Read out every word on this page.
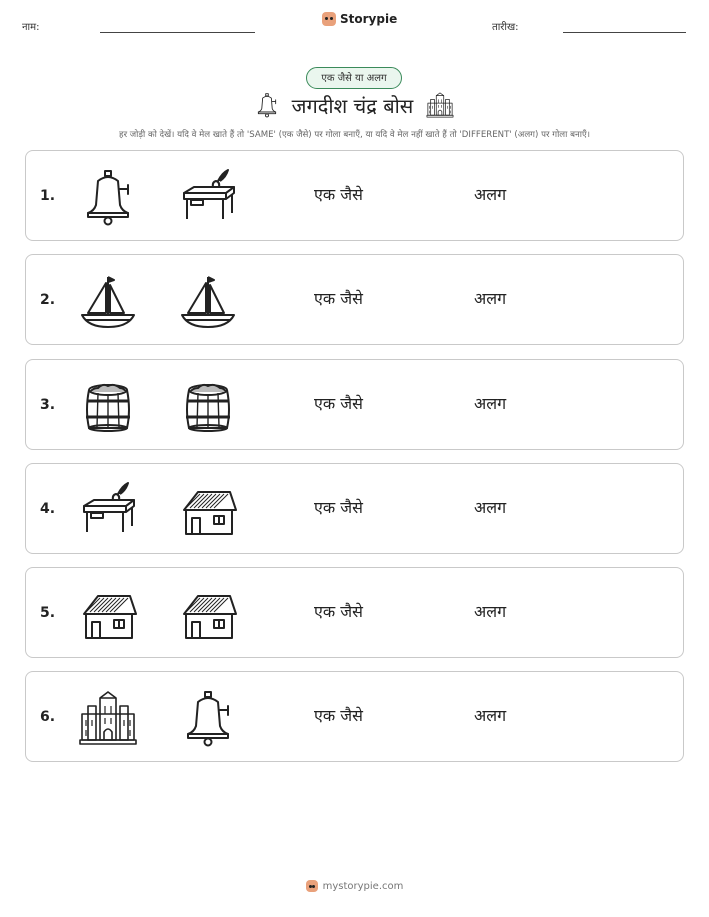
नाम:
Storypie
तारीख:
एक जैसे या अलग
जगदीश चंद्र बोस
हर जोड़ी को देखें। यदि वे मेल खाते हैं तो 'SAME' (एक जैसे) पर गोला बनाएँ, या यदि वे मेल नहीं खाते हैं तो 'DIFFERENT' (अलग) पर गोला बनाएँ।
1.	एक जैसे	अलग
2.	एक जैसे	अलग
3.	एक जैसे	अलग
4.	एक जैसे	अलग
5.	एक जैसे	अलग
6.	एक जैसे	अलग
mystorypie.com
